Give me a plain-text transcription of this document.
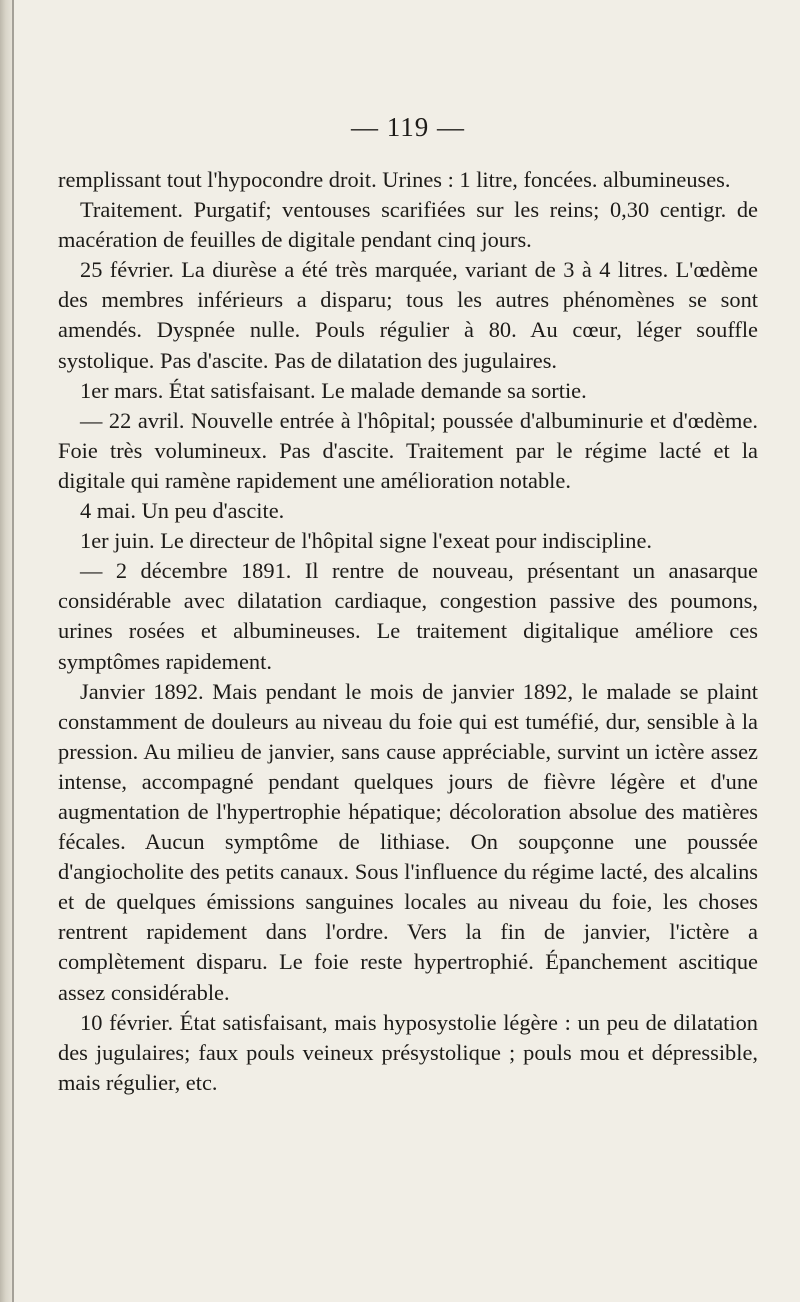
— 119 —

remplissant tout l'hypocondre droit. Urines : 1 litre, foncées. albumineuses.

Traitement. Purgatif; ventouses scarifiées sur les reins; 0,30 centigr. de macération de feuilles de digitale pendant cinq jours.

25 février. La diurèse a été très marquée, variant de 3 à 4 litres. L'œdème des membres inférieurs a disparu; tous les autres phénomènes se sont amendés. Dyspnée nulle. Pouls régulier à 80. Au cœur, léger souffle systolique. Pas d'ascite. Pas de dilatation des jugulaires.

1er mars. État satisfaisant. Le malade demande sa sortie.

— 22 avril. Nouvelle entrée à l'hôpital; poussée d'albuminurie et d'œdème. Foie très volumineux. Pas d'ascite. Traitement par le régime lacté et la digitale qui ramène rapidement une amélioration notable.

4 mai. Un peu d'ascite.

1er juin. Le directeur de l'hôpital signe l'exeat pour indiscipline.

— 2 décembre 1891. Il rentre de nouveau, présentant un anasarque considérable avec dilatation cardiaque, congestion passive des poumons, urines rosées et albumineuses. Le traitement digitalique améliore ces symptômes rapidement.

Janvier 1892. Mais pendant le mois de janvier 1892, le malade se plaint constamment de douleurs au niveau du foie qui est tuméfié, dur, sensible à la pression. Au milieu de janvier, sans cause appréciable, survint un ictère assez intense, accompagné pendant quelques jours de fièvre légère et d'une augmentation de l'hypertrophie hépatique; décoloration absolue des matières fécales. Aucun symptôme de lithiase. On soupçonne une poussée d'angiocholite des petits canaux. Sous l'influence du régime lacté, des alcalins et de quelques émissions sanguines locales au niveau du foie, les choses rentrent rapidement dans l'ordre. Vers la fin de janvier, l'ictère a complètement disparu. Le foie reste hypertrophié. Épanchement ascitique assez considérable.

10 février. État satisfaisant, mais hyposystolie légère : un peu de dilatation des jugulaires; faux pouls veineux présystolique ; pouls mou et dépressible, mais régulier, etc.
